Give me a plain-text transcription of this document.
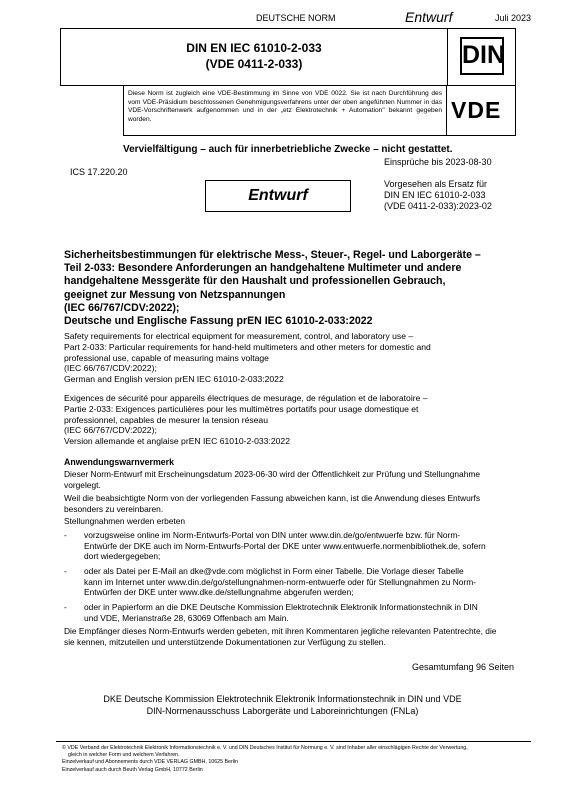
DEUTSCHE NORM	Entwurf	Juli 2023
DIN EN IEC 61010-2-033
(VDE 0411-2-033)	DIN
Diese Norm ist zugleich eine VDE-Bestimmung im Sinne von VDE 0022. Sie ist nach Durchführung des vom VDE-Präsidium beschlossenen Genehmigungsverfahrens unter der oben angeführten Nummer in das VDE-Vorschriftenwerk aufgenommen und in der „etz Elektrotechnik + Automation" bekannt gegeben worden.	VDE
Vervielfältigung – auch für innerbetriebliche Zwecke – nicht gestattet.
Einsprüche bis 2023-08-30
ICS 17.220.20
Vorgesehen als Ersatz für
DIN EN IEC 61010-2-033
(VDE 0411-2-033):2023-02
Entwurf
Sicherheitsbestimmungen für elektrische Mess-, Steuer-, Regel- und Laborgeräte –
Teil 2-033: Besondere Anforderungen an handgehaltene Multimeter und andere
handgehaltene Messgeräte für den Haushalt und professionellen Gebrauch,
geeignet zur Messung von Netzspannungen
(IEC 66/767/CDV:2022);
Deutsche und Englische Fassung prEN IEC 61010-2-033:2022
Safety requirements for electrical equipment for measurement, control, and laboratory use –
Part 2-033: Particular requirements for hand-held multimeters and other meters for domestic and
professional use, capable of measuring mains voltage
(IEC 66/767/CDV:2022);
German and English version prEN IEC 61010-2-033:2022
Exigences de sécurité pour appareils électriques de mesurage, de régulation et de laboratoire –
Partie 2-033: Exigences particulières pour les multimètres portatifs pour usage domestique et
professionnel, capables de mesurer la tension réseau
(IEC 66/767/CDV:2022);
Version allemande et anglaise prEN IEC 61010-2-033:2022
Anwendungswarnvermerk
Dieser Norm-Entwurf mit Erscheinungsdatum 2023-06-30 wird der Öffentlichkeit zur Prüfung und Stellungnahme
vorgelegt.
Weil die beabsichtigte Norm von der vorliegenden Fassung abweichen kann, ist die Anwendung dieses Entwurfs
besonders zu vereinbaren.
Stellungnahmen werden erbeten
- vorzugsweise online im Norm-Entwurfs-Portal von DIN unter www.din.de/go/entwuerfe bzw. für Norm-
Entwürfe der DKE auch im Norm-Entwurfs-Portal der DKE unter www.entwuerfe.normenbibliothek.de, sofern
dort wiedergegeben;
- oder als Datei per E-Mail an dke@vde.com möglichst in Form einer Tabelle. Die Vorlage dieser Tabelle
kann im Internet unter www.din.de/go/stellungnahmen-norm-entwuerfe oder für Stellungnahmen zu Norm-
Entwürfen der DKE unter www.dke.de/stellungnahme abgerufen werden;
- oder in Papierform an die DKE Deutsche Kommission Elektrotechnik Elektronik Informationstechnik in DIN
und VDE, Merianstraße 28, 63069 Offenbach am Main.
Die Empfänger dieses Norm-Entwurfs werden gebeten, mit ihren Kommentaren jegliche relevanten Patentrechte, die
sie kennen, mitzuteilen und unterstützende Dokumentationen zur Verfügung zu stellen.
Gesamtumfang 96 Seiten
DKE Deutsche Kommission Elektrotechnik Elektronik Informationstechnik in DIN und VDE
DIN-Normenausschuss Laborgeräte und Laboreinrichtungen (FNLa)
© VDE Verband der Elektrotechnik Elektronik Informationstechnik e. V. und DIN Deutsches Institut für Normung e. V. sind Inhaber aller einschlägigen Rechte der Verwertung,
gleich in welcher Form und welchem Verfahren.
Einzelverkauf und Abonnements durch VDE VERLAG GMBH, 10625 Berlin
Einzelverkauf auch durch Beuth Verlag GmbH, 10772 Berlin
